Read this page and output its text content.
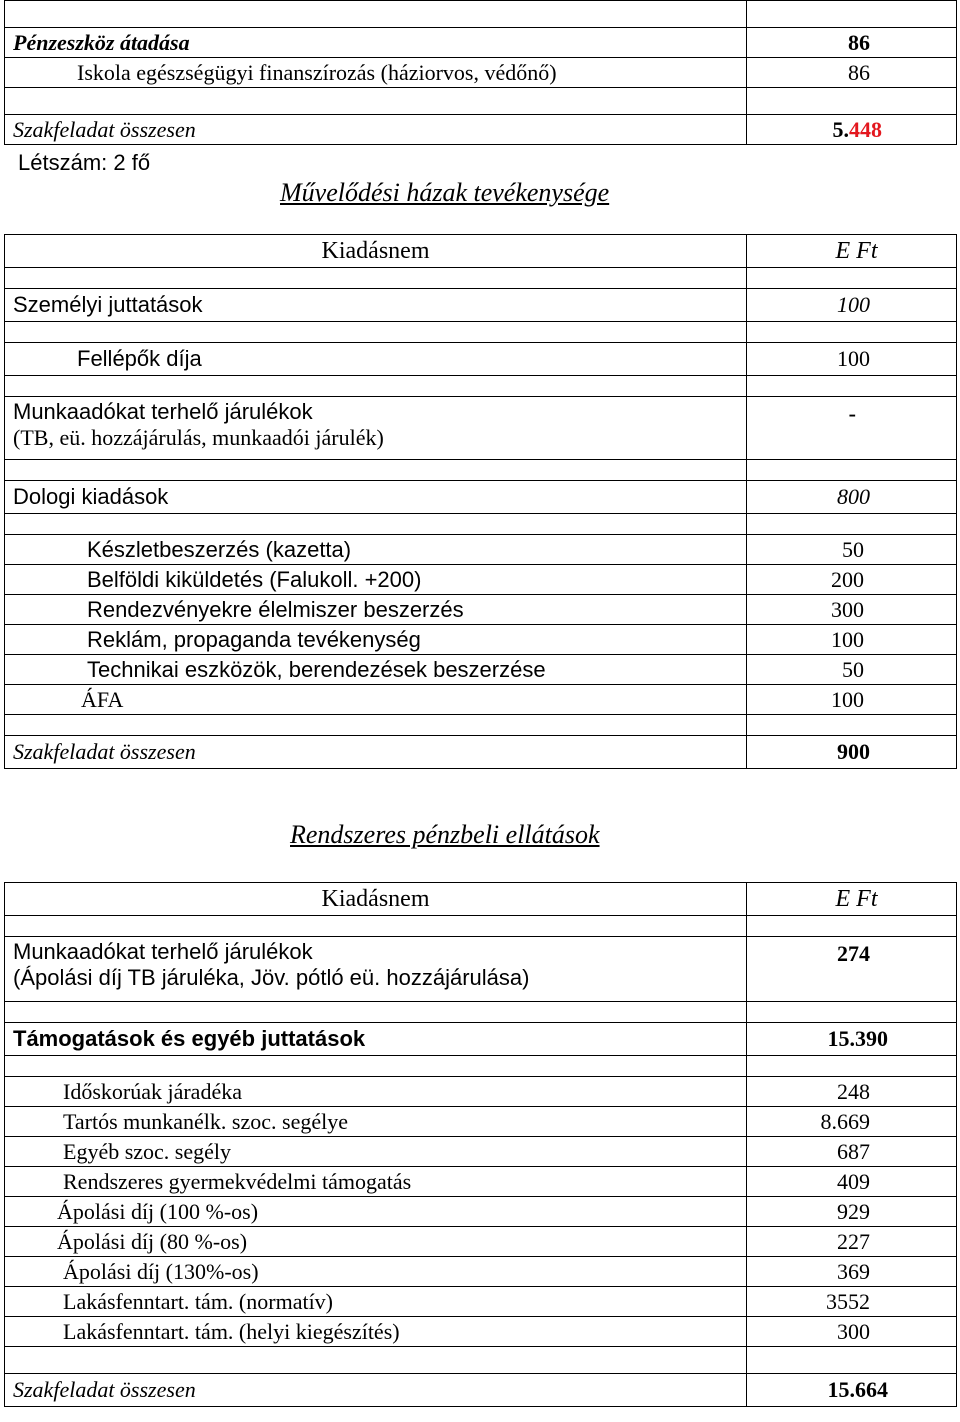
Pénzeszköz átadása	86
Iskola egészségügyi finanszírozás (háziorvos, védőnő)	86

Szakfeladat összesen	5.448
Létszám: 2 fő
Művelődési házak tevékenysége
Kiadásnem	E Ft

Személyi juttatások	100

Fellépők díja	100

Munkaadókat terhelő járulékok
(TB, eü. hozzájárulás, munkaadói járulék)	-

Dologi kiadások	800

Készletbeszerzés (kazetta)	50
Belföldi kiküldetés (Falukoll. +200)	200
Rendezvényekre élelmiszer beszerzés	300
Reklám, propaganda tevékenység	100
Technikai eszközök, berendezések beszerzése	50
ÁFA	100

Szakfeladat összesen	900
Rendszeres pénzbeli ellátások
Kiadásnem	E Ft

Munkaadókat terhelő járulékok
(Ápolási díj TB járuléka, Jöv. pótló eü. hozzájárulása)	274

Támogatások és egyéb juttatások	15.390

Időskorúak járadéka	248
Tartós munkanélk. szoc. segélye	8.669
Egyéb szoc. segély	687
Rendszeres gyermekvédelmi támogatás	409
Ápolási díj (100 %-os)	929
Ápolási díj (80 %-os)	227
Ápolási díj (130%-os)	369
Lakásfenntart. tám. (normatív)	3552
Lakásfenntart. tám. (helyi kiegészítés)	300

Szakfeladat összesen	15.664
